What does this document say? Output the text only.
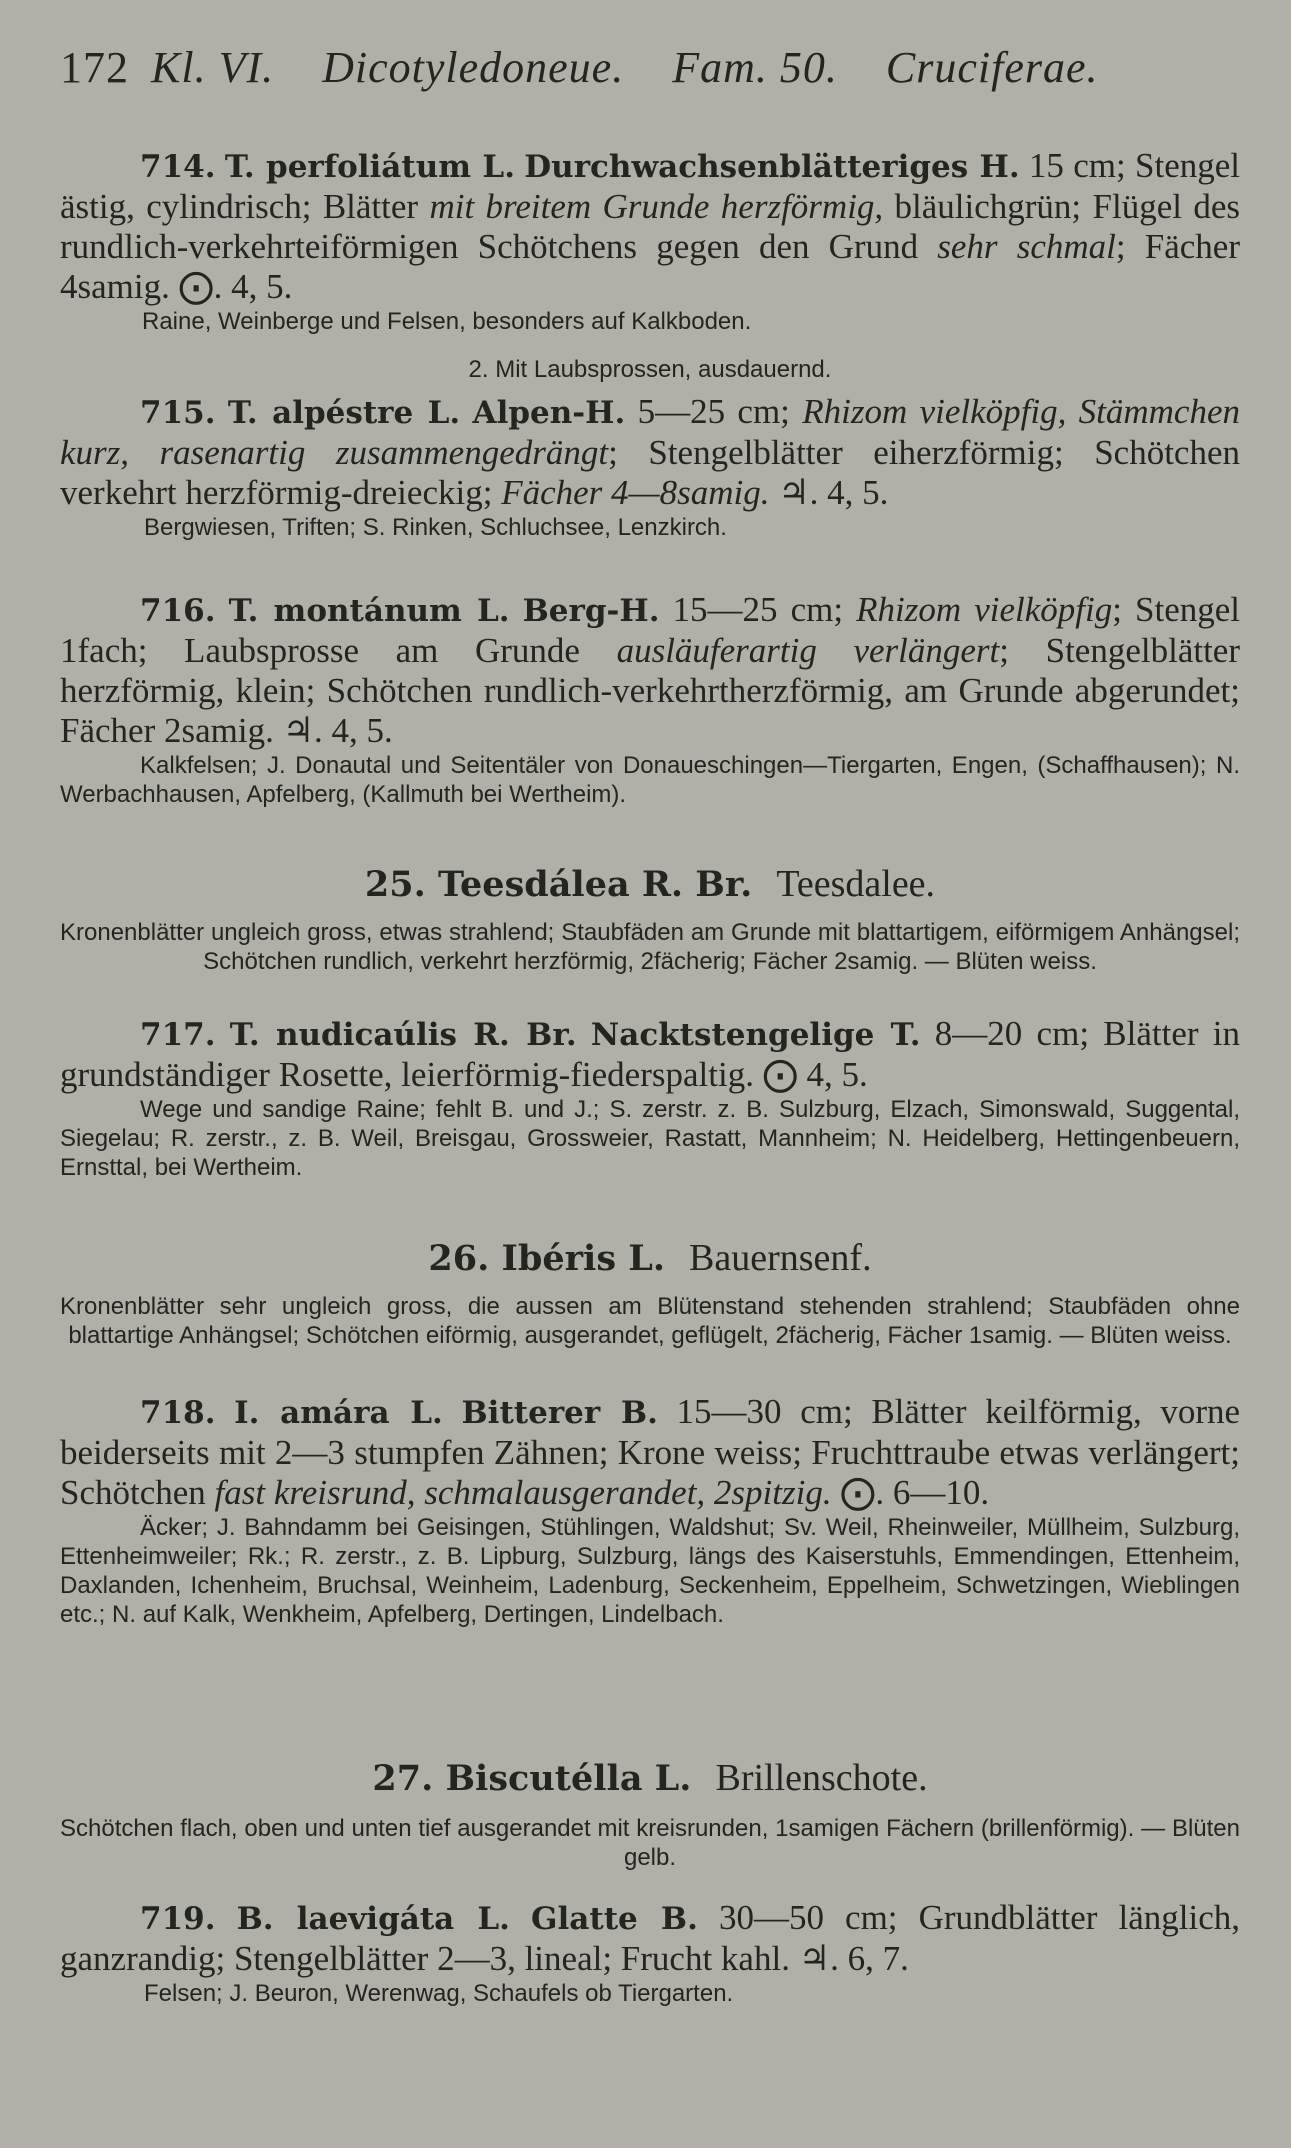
172 Kl. VI. Dicotyledoneue. Fam. 50. Cruciferae.
714. T. perfoliátum L. Durchwachsenblätteriges H. 15 cm; Stengel ästig, cylindrisch; Blätter mit breitem Grunde herzförmig, bläulichgrün; Flügel des rundlich-verkehrteiförmigen Schötchens gegen den Grund sehr schmal; Fächer 4samig. ⨀. 4, 5.
Raine, Weinberge und Felsen, besonders auf Kalkboden.
2. Mit Laubsprossen, ausdauernd.
715. T. alpéstre L. Alpen-H. 5—25 cm; Rhizom vielköpfig, Stämmchen kurz, rasenartig zusammengedrängt; Stengelblätter eiherzförmig; Schötchen verkehrt herzförmig-dreieckig; Fächer 4—8samig. ♃. 4, 5.
Bergwiesen, Triften; S. Rinken, Schluchsee, Lenzkirch.
716. T. montánum L. Berg-H. 15—25 cm; Rhizom vielköpfig; Stengel 1fach; Laubsprosse am Grunde ausläuferartig verlängert; Stengelblätter herzförmig, klein; Schötchen rundlich-verkehrtherzförmig, am Grunde abgerundet; Fächer 2samig. ♃. 4, 5.
Kalkfelsen; J. Donautal und Seitentäler von Donaueschingen—Tiergarten, Engen, (Schaffhausen); N. Werbachhausen, Apfelberg, (Kallmuth bei Wertheim).
25. Teesdálea R. Br. Teesdalee.
Kronenblätter ungleich gross, etwas strahlend; Staubfäden am Grunde mit blattartigem, eiförmigem Anhängsel; Schötchen rundlich, verkehrt herzförmig, 2fächerig; Fächer 2samig. — Blüten weiss.
717. T. nudicaúlis R. Br. Nacktstengelige T. 8—20 cm; Blätter in grundständiger Rosette, leierförmig-fiederspaltig. ⨀ 4, 5.
Wege und sandige Raine; fehlt B. und J.; S. zerstr. z. B. Sulzburg, Elzach, Simonswald, Suggental, Siegelau; R. zerstr., z. B. Weil, Breisgau, Grossweier, Rastatt, Mannheim; N. Heidelberg, Hettingenbeuern, Ernsttal, bei Wertheim.
26. Ibéris L. Bauernsenf.
Kronenblätter sehr ungleich gross, die aussen am Blütenstand stehenden strahlend; Staubfäden ohne blattartige Anhängsel; Schötchen eiförmig, ausgerandet, geflügelt, 2fächerig, Fächer 1samig. — Blüten weiss.
718. I. amára L. Bitterer B. 15—30 cm; Blätter keilförmig, vorne beiderseits mit 2—3 stumpfen Zähnen; Krone weiss; Fruchttraube etwas verlängert; Schötchen fast kreisrund, schmalausgerandet, 2spitzig. ⨀. 6—10.
Äcker; J. Bahndamm bei Geisingen, Stühlingen, Waldshut; Sv. Weil, Rheinweiler, Müllheim, Sulzburg, Ettenheimweiler; Rk.; R. zerstr., z. B. Lipburg, Sulzburg, längs des Kaiserstuhls, Emmendingen, Ettenheim, Daxlanden, Ichenheim, Bruchsal, Weinheim, Ladenburg, Seckenheim, Eppelheim, Schwetzingen, Wieblingen etc.; N. auf Kalk, Wenkheim, Apfelberg, Dertingen, Lindelbach.
27. Biscutélla L. Brillenschote.
Schötchen flach, oben und unten tief ausgerandet mit kreisrunden, 1samigen Fächern (brillenförmig). — Blüten gelb.
719. B. laevigáta L. Glatte B. 30—50 cm; Grundblätter länglich, ganzrandig; Stengelblätter 2—3, lineal; Frucht kahl. ♃. 6, 7.
Felsen; J. Beuron, Werenwag, Schaufels ob Tiergarten.
